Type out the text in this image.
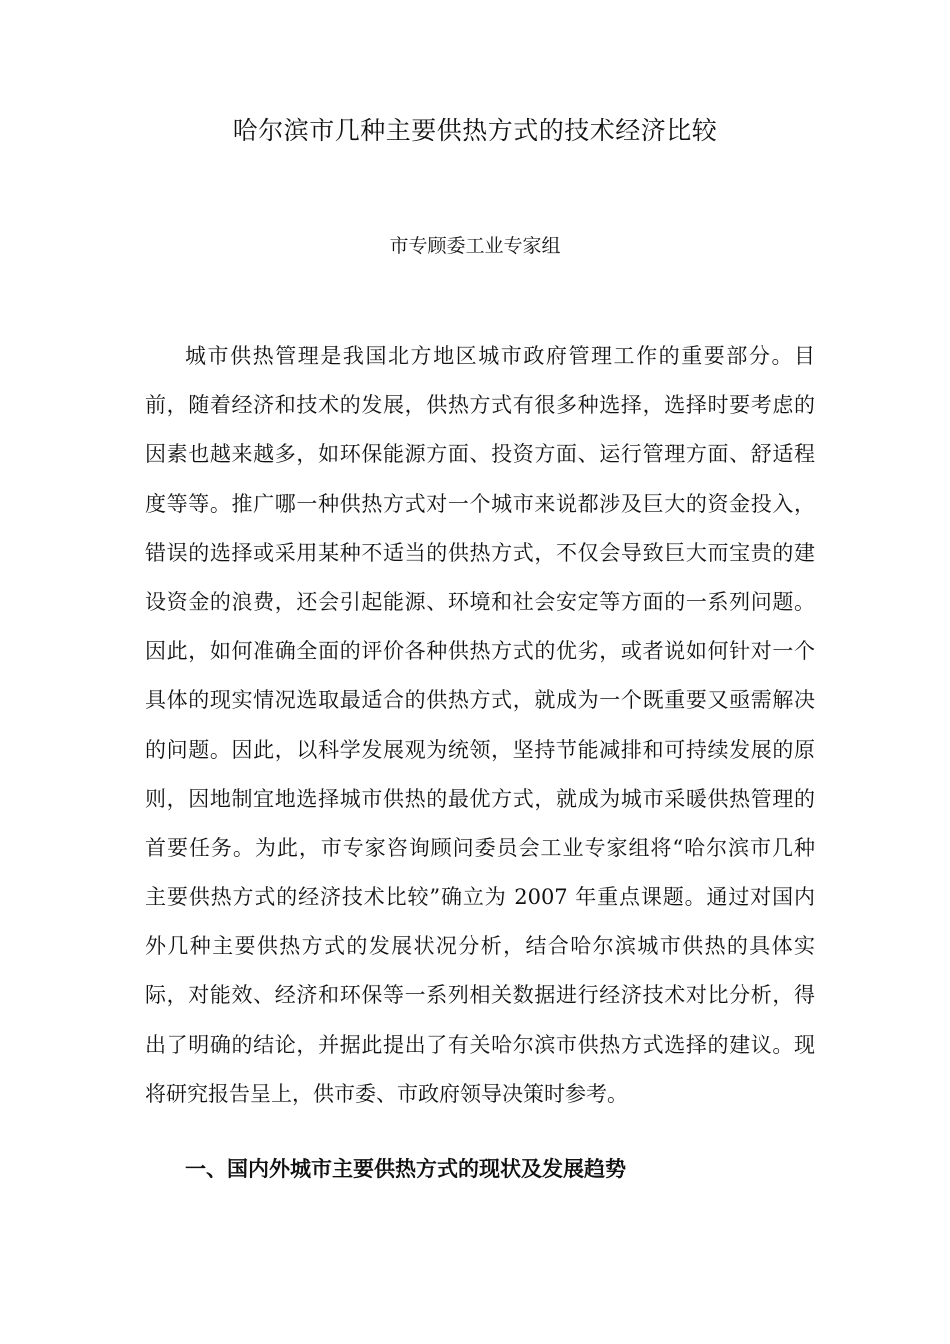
哈尔滨市几种主要供热方式的技术经济比较
市专顾委工业专家组
城市供热管理是我国北方地区城市政府管理工作的重要部分。目
前，随着经济和技术的发展，供热方式有很多种选择，选择时要考虑的
因素也越来越多，如环保能源方面、投资方面、运行管理方面、舒适程
度等等。推广哪一种供热方式对一个城市来说都涉及巨大的资金投入，
错误的选择或采用某种不适当的供热方式，不仅会导致巨大而宝贵的建
设资金的浪费，还会引起能源、环境和社会安定等方面的一系列问题。
因此，如何准确全面的评价各种供热方式的优劣，或者说如何针对一个
具体的现实情况选取最适合的供热方式，就成为一个既重要又亟需解决
的问题。因此，以科学发展观为统领，坚持节能减排和可持续发展的原
则，因地制宜地选择城市供热的最优方式，就成为城市采暖供热管理的
首要任务。为此，市专家咨询顾问委员会工业专家组将“哈尔滨市几种
主要供热方式的经济技术比较”确立为 2007 年重点课题。通过对国内
外几种主要供热方式的发展状况分析，结合哈尔滨城市供热的具体实
际，对能效、经济和环保等一系列相关数据进行经济技术对比分析，得
出了明确的结论，并据此提出了有关哈尔滨市供热方式选择的建议。现
将研究报告呈上，供市委、市政府领导决策时参考。
一、国内外城市主要供热方式的现状及发展趋势
